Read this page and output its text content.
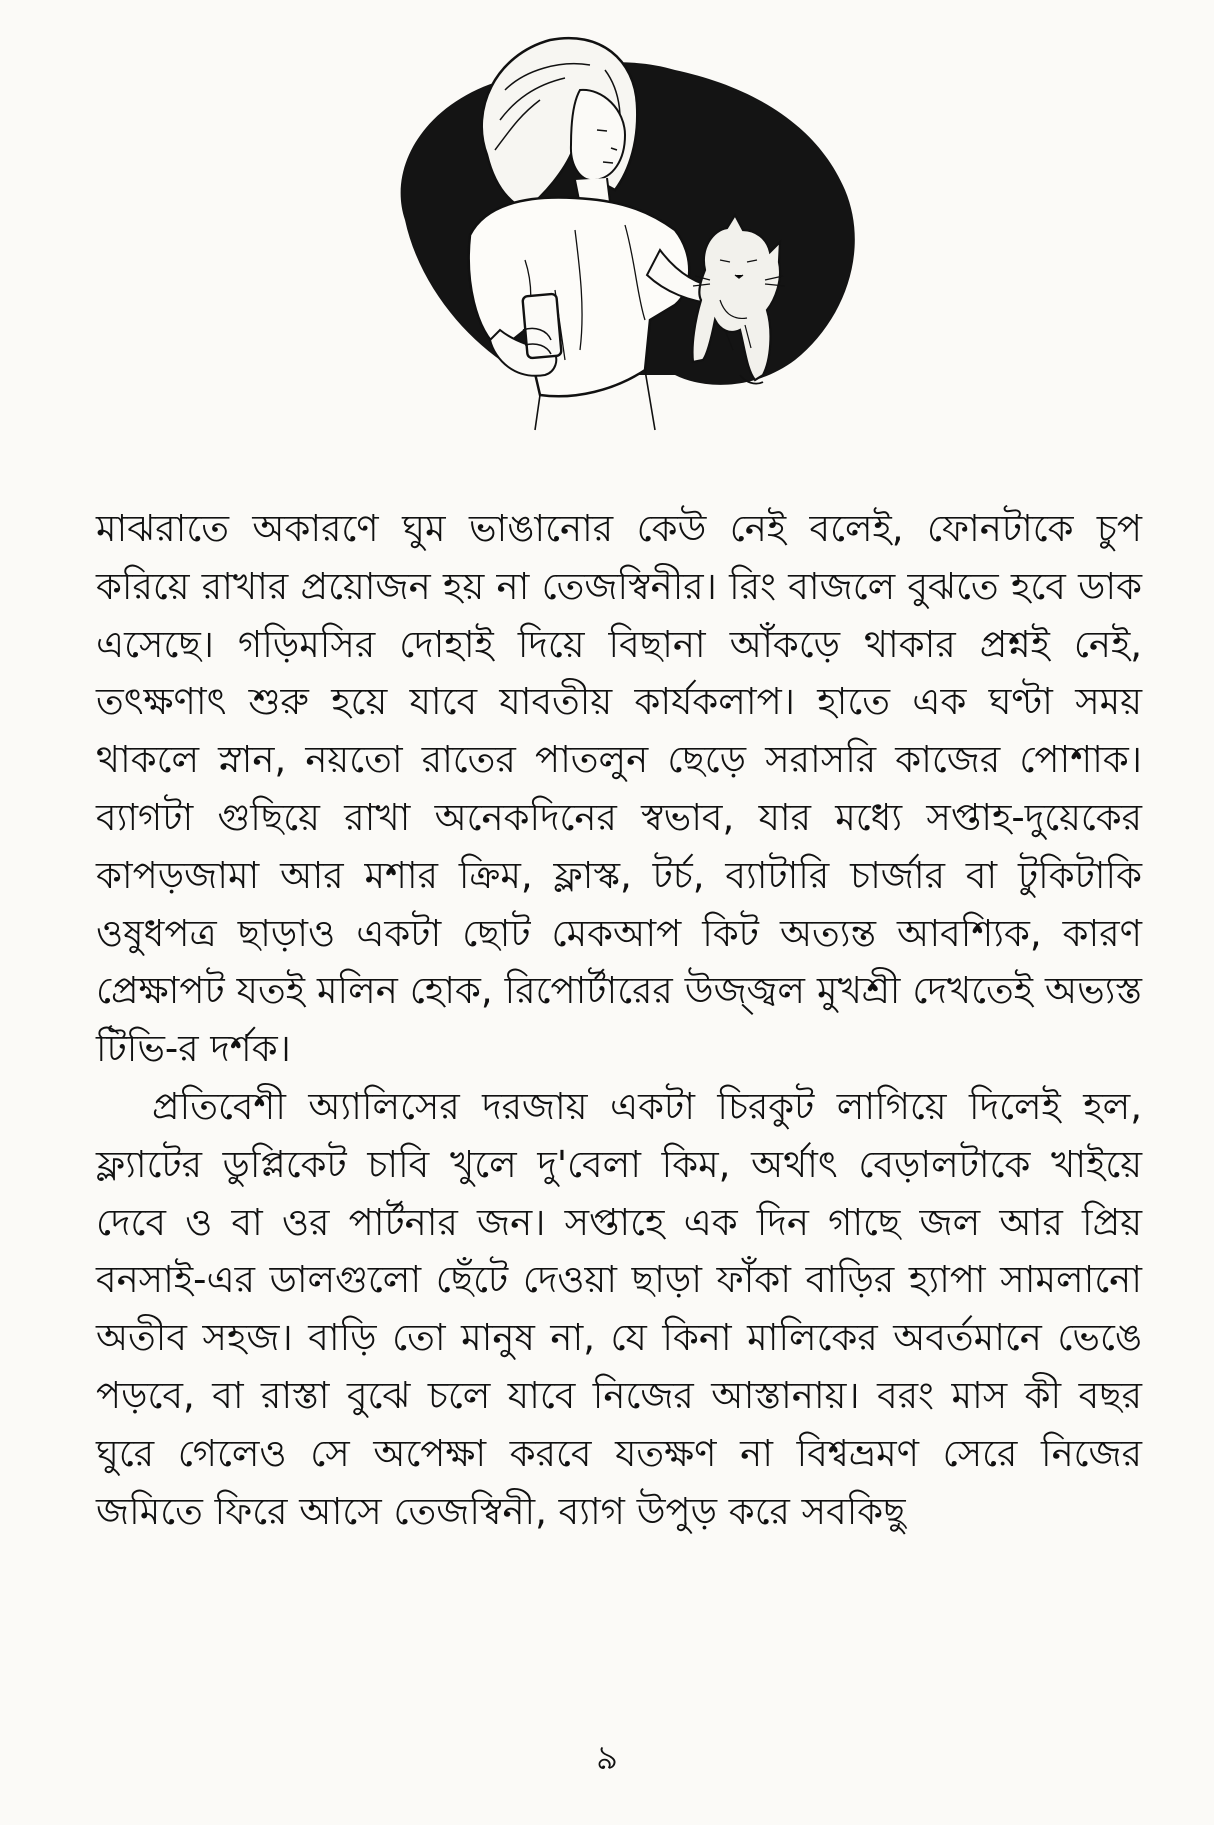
মাঝরাতে অকারণে ঘুম ভাঙানোর কেউ নেই বলেই, ফোনটাকে চুপ করিয়ে রাখার প্রয়োজন হয় না তেজস্বিনীর। রিং বাজলে বুঝতে হবে ডাক এসেছে। গড়িমসির দোহাই দিয়ে বিছানা আঁকড়ে থাকার প্রশ্নই নেই, তৎক্ষণাৎ শুরু হয়ে যাবে যাবতীয় কার্যকলাপ। হাতে এক ঘণ্টা সময় থাকলে স্নান, নয়তো রাতের পাতলুন ছেড়ে সরাসরি কাজের পোশাক। ব্যাগটা গুছিয়ে রাখা অনেকদিনের স্বভাব, যার মধ্যে সপ্তাহ-দুয়েকের কাপড়জামা আর মশার ক্রিম, ফ্লাস্ক, টর্চ, ব্যাটারি চার্জার বা টুকিটাকি ওষুধপত্র ছাড়াও একটা ছোট মেকআপ কিট অত্যন্ত আবশ্যিক, কারণ প্রেক্ষাপট যতই মলিন হোক, রিপোর্টারের উজ্জ্বল মুখশ্রী দেখতেই অভ্যস্ত টিভি-র দর্শক।

প্রতিবেশী অ্যালিসের দরজায় একটা চিরকুট লাগিয়ে দিলেই হল, ফ্ল্যাটের ডুপ্লিকেট চাবি খুলে দু'বেলা কিম, অর্থাৎ বেড়ালটাকে খাইয়ে দেবে ও বা ওর পার্টনার জন। সপ্তাহে এক দিন গাছে জল আর প্রিয় বনসাই-এর ডালগুলো ছেঁটে দেওয়া ছাড়া ফাঁকা বাড়ির হ্যাপা সামলানো অতীব সহজ। বাড়ি তো মানুষ না, যে কিনা মালিকের অবর্তমানে ভেঙে পড়বে, বা রাস্তা বুঝে চলে যাবে নিজের আস্তানায়। বরং মাস কী বছর ঘুরে গেলেও সে অপেক্ষা করবে যতক্ষণ না বিশ্বভ্রমণ সেরে নিজের জমিতে ফিরে আসে তেজস্বিনী, ব্যাগ উপুড় করে সবকিছু

৯
